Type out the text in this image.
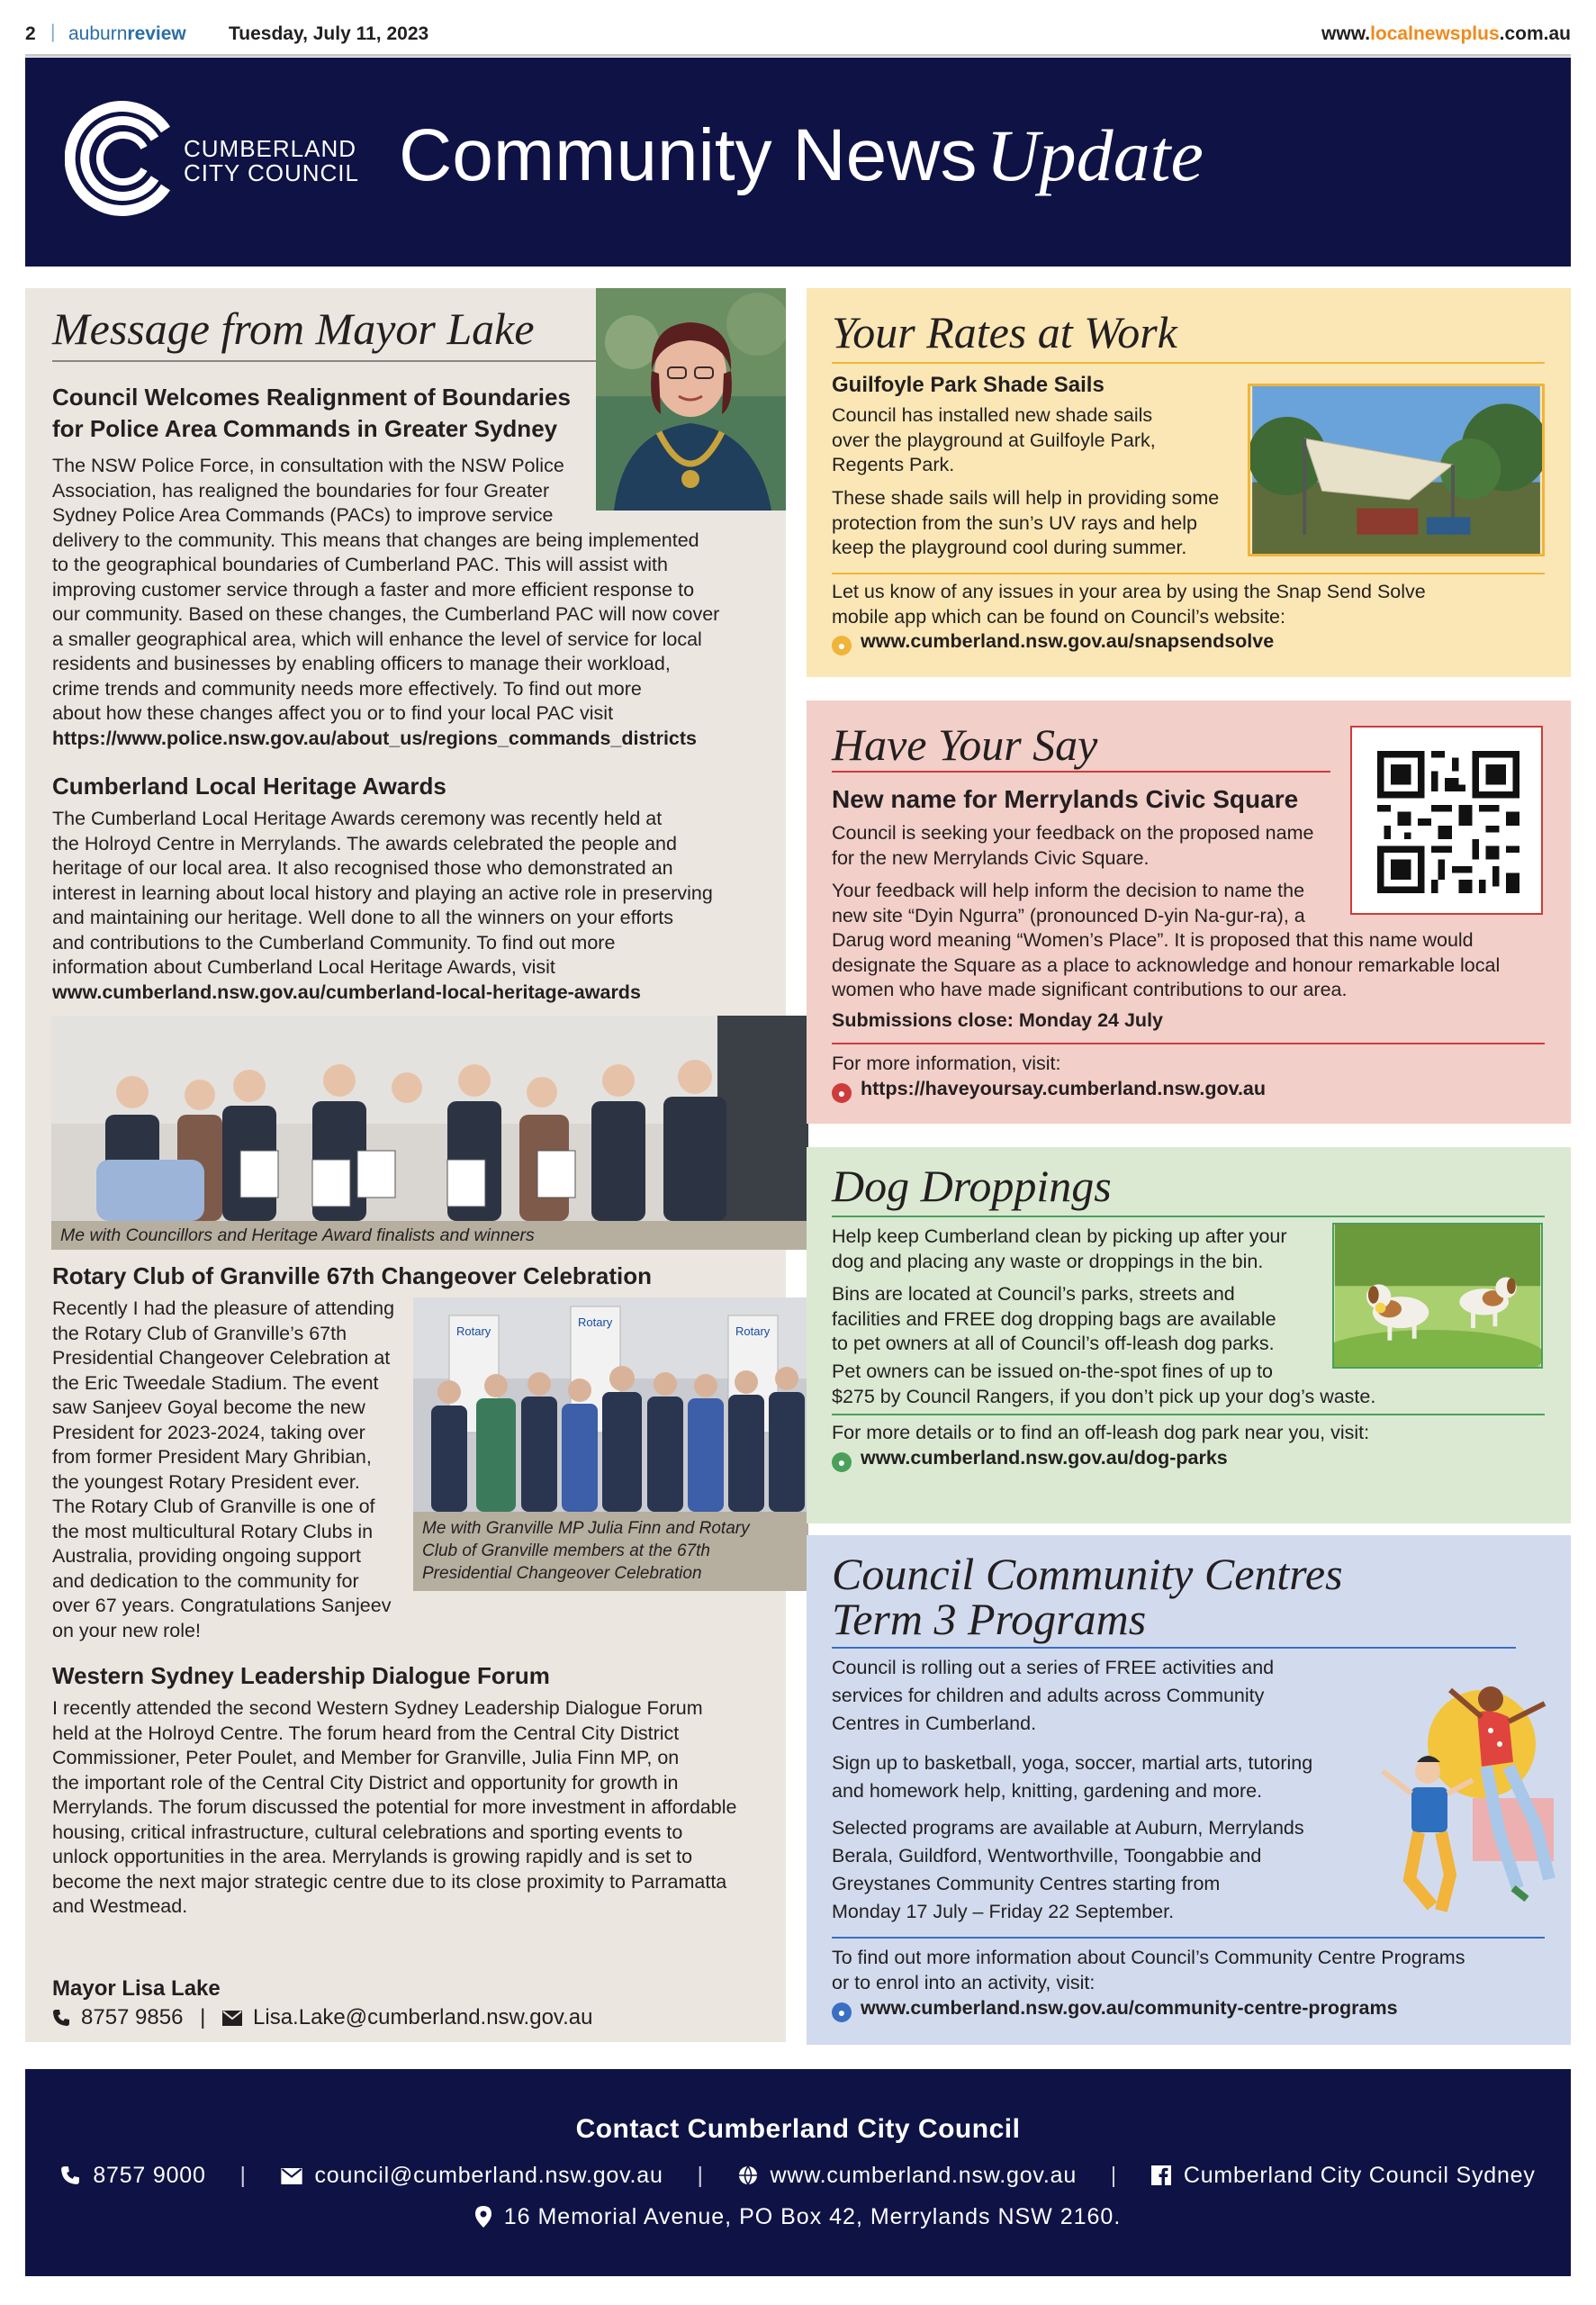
2 | auburnreview Tuesday, July 11, 2023	www.localnewsplus.com.au
CUMBERLAND
CITY COUNCIL Community News Update
Message from Mayor Lake
Council Welcomes Realignment of Boundaries
for Police Area Commands in Greater Sydney
The NSW Police Force, in consultation with the NSW Police
Association, has realigned the boundaries for four Greater
Sydney Police Area Commands (PACs) to improve service
delivery to the community. This means that changes are being implemented
to the geographical boundaries of Cumberland PAC. This will assist with
improving customer service through a faster and more efficient response to
our community. Based on these changes, the Cumberland PAC will now cover
a smaller geographical area, which will enhance the level of service for local
residents and businesses by enabling officers to manage their workload,
crime trends and community needs more effectively. To find out more
about how these changes affect you or to find your local PAC visit
https://www.police.nsw.gov.au/about_us/regions_commands_districts
Cumberland Local Heritage Awards
The Cumberland Local Heritage Awards ceremony was recently held at
the Holroyd Centre in Merrylands. The awards celebrated the people and
heritage of our local area. It also recognised those who demonstrated an
interest in learning about local history and playing an active role in preserving
and maintaining our heritage. Well done to all the winners on your efforts
and contributions to the Cumberland Community. To find out more
information about Cumberland Local Heritage Awards, visit
www.cumberland.nsw.gov.au/cumberland-local-heritage-awards
Me with Councillors and Heritage Award finalists and winners
Rotary Club of Granville 67th Changeover Celebration
Recently I had the pleasure of attending
the Rotary Club of Granville’s 67th
Presidential Changeover Celebration at
the Eric Tweedale Stadium. The event
saw Sanjeev Goyal become the new
President for 2023-2024, taking over
from former President Mary Ghribian,
the youngest Rotary President ever.
The Rotary Club of Granville is one of
the most multicultural Rotary Clubs in
Australia, providing ongoing support
and dedication to the community for
over 67 years. Congratulations Sanjeev
on your new role!
Rotary
Rotary
Rotary
Me with Granville MP Julia Finn and Rotary
Club of Granville members at the 67th
Presidential Changeover Celebration
Western Sydney Leadership Dialogue Forum
I recently attended the second Western Sydney Leadership Dialogue Forum
held at the Holroyd Centre. The forum heard from the Central City District
Commissioner, Peter Poulet, and Member for Granville, Julia Finn MP, on
the important role of the Central City District and opportunity for growth in
Merrylands. The forum discussed the potential for more investment in affordable
housing, critical infrastructure, cultural celebrations and sporting events to
unlock opportunities in the area. Merrylands is growing rapidly and is set to
become the next major strategic centre due to its close proximity to Parramatta
and Westmead.
Mayor Lisa Lake
8757 9856 | Lisa.Lake@cumberland.nsw.gov.au
Your Rates at Work
Guilfoyle Park Shade Sails
Council has installed new shade sails
over the playground at Guilfoyle Park,
Regents Park.
These shade sails will help in providing some
protection from the sun’s UV rays and help
keep the playground cool during summer.
Let us know of any issues in your area by using the Snap Send Solve
mobile app which can be found on Council’s website:
● www.cumberland.nsw.gov.au/snapsendsolve
Have Your Say
New name for Merrylands Civic Square
Council is seeking your feedback on the proposed name
for the new Merrylands Civic Square.
Your feedback will help inform the decision to name the
new site “Dyin Ngurra” (pronounced D-yin Na-gur-ra), a
Darug word meaning “Women’s Place”. It is proposed that this name would
designate the Square as a place to acknowledge and honour remarkable local
women who have made significant contributions to our area.
Submissions close: Monday 24 July
For more information, visit:
● https://haveyoursay.cumberland.nsw.gov.au
Dog Droppings
Help keep Cumberland clean by picking up after your
dog and placing any waste or droppings in the bin.
Bins are located at Council’s parks, streets and
facilities and FREE dog dropping bags are available
to pet owners at all of Council’s off-leash dog parks.
Pet owners can be issued on-the-spot fines of up to
$275 by Council Rangers, if you don’t pick up your dog’s waste.
For more details or to find an off-leash dog park near you, visit:
● www.cumberland.nsw.gov.au/dog-parks
Council Community Centres
Term 3 Programs
Council is rolling out a series of FREE activities and
services for children and adults across Community
Centres in Cumberland.
Sign up to basketball, yoga, soccer, martial arts, tutoring
and homework help, knitting, gardening and more.
Selected programs are available at Auburn, Merrylands
Berala, Guildford, Wentworthville, Toongabbie and
Greystanes Community Centres starting from
Monday 17 July – Friday 22 September.
To find out more information about Council’s Community Centre Programs
or to enrol into an activity, visit:
● www.cumberland.nsw.gov.au/community-centre-programs
Contact Cumberland City Council
8757 9000 |	council@cumberland.nsw.gov.au |	www.cumberland.nsw.gov.au |	Cumberland City Council Sydney
16 Memorial Avenue, PO Box 42, Merrylands NSW 2160.
